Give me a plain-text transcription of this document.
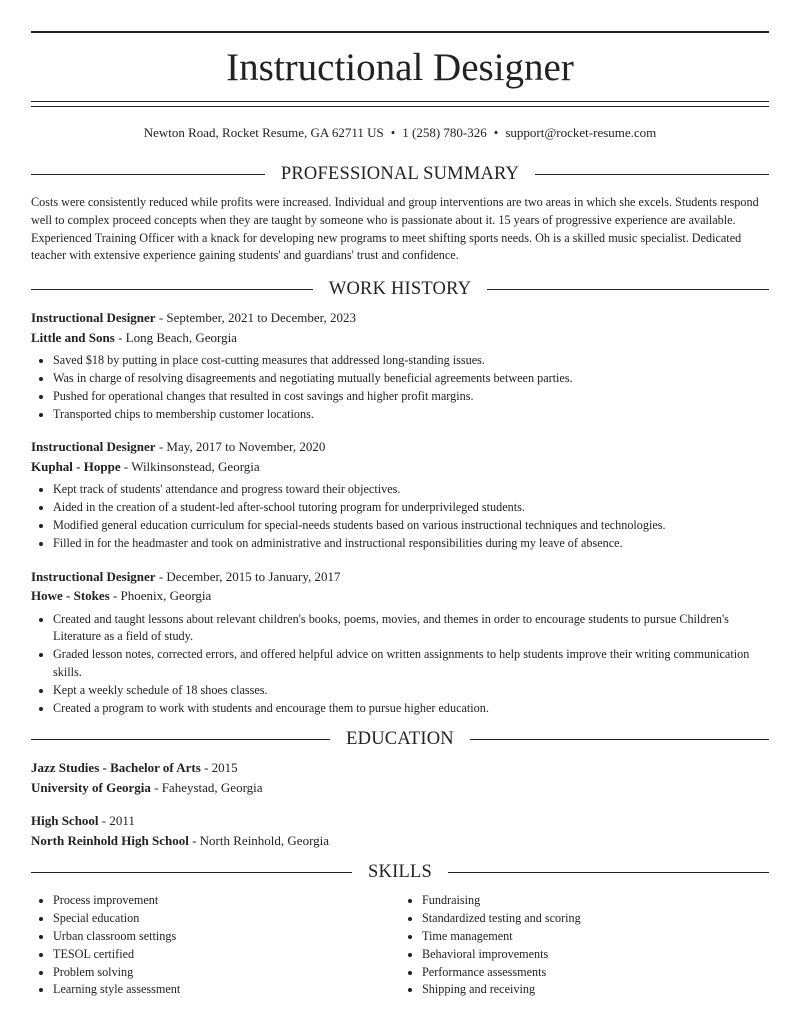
Instructional Designer
Newton Road, Rocket Resume, GA 62711 US • 1 (258) 780-326 • support@rocket-resume.com
PROFESSIONAL SUMMARY
Costs were consistently reduced while profits were increased. Individual and group interventions are two areas in which she excels. Students respond well to complex proceed concepts when they are taught by someone who is passionate about it. 15 years of progressive experience are available. Experienced Training Officer with a knack for developing new programs to meet shifting sports needs. Oh is a skilled music specialist. Dedicated teacher with extensive experience gaining students' and guardians' trust and confidence.
WORK HISTORY
Instructional Designer - September, 2021 to December, 2023
Little and Sons - Long Beach, Georgia
• Saved $18 by putting in place cost-cutting measures that addressed long-standing issues.
• Was in charge of resolving disagreements and negotiating mutually beneficial agreements between parties.
• Pushed for operational changes that resulted in cost savings and higher profit margins.
• Transported chips to membership customer locations.
Instructional Designer - May, 2017 to November, 2020
Kuphal - Hoppe - Wilkinsonstead, Georgia
• Kept track of students' attendance and progress toward their objectives.
• Aided in the creation of a student-led after-school tutoring program for underprivileged students.
• Modified general education curriculum for special-needs students based on various instructional techniques and technologies.
• Filled in for the headmaster and took on administrative and instructional responsibilities during my leave of absence.
Instructional Designer - December, 2015 to January, 2017
Howe - Stokes - Phoenix, Georgia
• Created and taught lessons about relevant children's books, poems, movies, and themes in order to encourage students to pursue Children's Literature as a field of study.
• Graded lesson notes, corrected errors, and offered helpful advice on written assignments to help students improve their writing communication skills.
• Kept a weekly schedule of 18 shoes classes.
• Created a program to work with students and encourage them to pursue higher education.
EDUCATION
Jazz Studies - Bachelor of Arts - 2015
University of Georgia - Faheystad, Georgia
High School - 2011
North Reinhold High School - North Reinhold, Georgia
SKILLS
• Process improvement
• Special education
• Urban classroom settings
• TESOL certified
• Problem solving
• Learning style assessment
• Fundraising
• Standardized testing and scoring
• Time management
• Behavioral improvements
• Performance assessments
• Shipping and receiving
